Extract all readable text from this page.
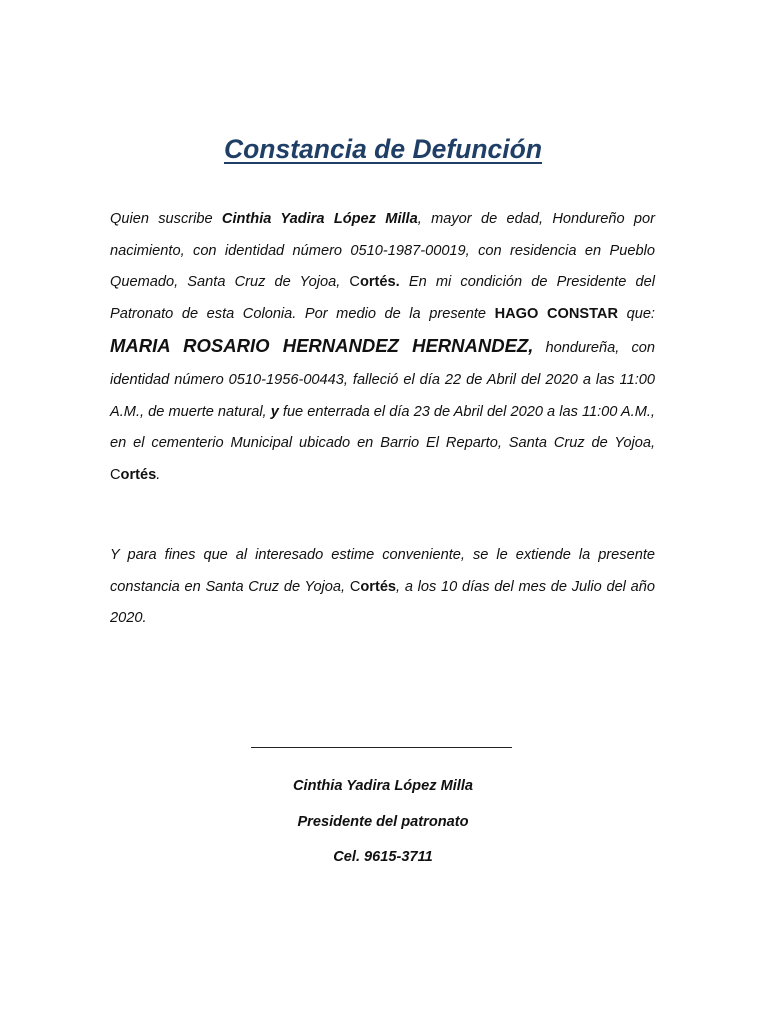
Constancia de Defunción

Quien suscribe Cinthia Yadira López Milla, mayor de edad, Hondureño por nacimiento, con identidad número 0510-1987-00019, con residencia en Pueblo Quemado, Santa Cruz de Yojoa, Cortés. En mi condición de Presidente del Patronato de esta Colonia. Por medio de la presente HAGO CONSTAR que: MARIA ROSARIO HERNANDEZ HERNANDEZ, hondureña, con identidad número 0510-1956-00443, falleció el día 22 de Abril del 2020 a las 11:00 A.M., de muerte natural, y fue enterrada el día 23 de Abril del 2020 a las 11:00 A.M., en el cementerio Municipal ubicado en Barrio El Reparto, Santa Cruz de Yojoa, Cortés.

Y para fines que al interesado estime conveniente, se le extiende la presente constancia en Santa Cruz de Yojoa, Cortés, a los 10 días del mes de Julio del año 2020.

Cinthia Yadira López Milla

Presidente del patronato

Cel. 9615-3711
